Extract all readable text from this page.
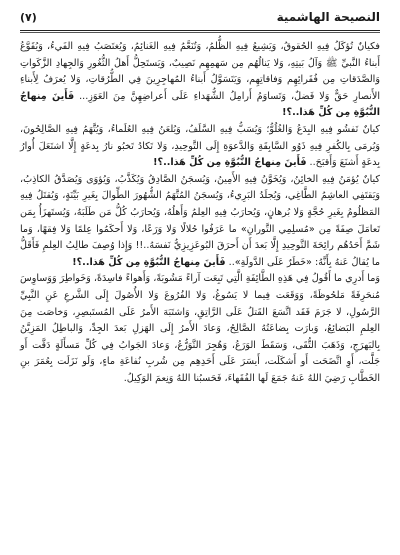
النصيحة الهاشمية
(٧)

فكيانٌ تُؤكَلُ فِيهِ الحُقوقُ، وَيَشِيعُ فِيهِ الظُّلمُ، وَتُنَعَّمُ فِيهِ الغَنائِمُ، وَيُغتَصَبُ فِيهِ الفَيءُ، وَيُقَوَّعُ أَبناءُ النَّبيِّ ﷺ وَآلُ بَيتِهِ، وَلا يَنالُهُم مِن سَهمِهِم نَصِيبٌ، وَيَستَحِلُّ أَهلُ الثُّغُورِ وَالجِهادِ الزَّكَواتِ وَالصَّدَقاتِ مِن فُقَرائِهِم وَفاقاتِهِم، وَيَتَسَوَّلُ أَبناءُ المُهاجِرِينَ فِي الطُّرُقاتِ، وَلا يُعرَفُ لِأَبناءِ الأَنصارِ حَقٌّ وَلا فَضلٌ، وَتَساوَمُ أَرامِلُ الشُّهَداءِ عَلَى أَعراضِهِنَّ مِنَ العَوَزِ... فَأَينَ مِنهاجُ النُّبُوَّةِ مِن كُلِّ هَذا..؟!

كيانٌ تَفشُو فِيهِ البِدَعُ وَالغُلُوُّ؛ وَيُسَبُّ فِيهِ السَّلَفُ، وَيُلعَنُ فِيهِ العُلَماءُ، وَيُتَّهَمُ فِيهِ الصَّالِحُونَ، وَيُرمَى بِالكُفرِ فِيهِ ذَوُو السَّابِقَةِ وَالدَّعوَةِ إِلَى التَّوحِيدِ، وَلا تَكادُ تَخبُو نارُ بِدعَةٍ إِلَّا اشتَعَلَ أُوارُ بِدعَةٍ أَشنَعَ وَأَقبَحَ.. فَأَينَ مِنهاجُ النُّبُوَّةِ مِن كُلِّ هَذا..؟!

كيانٌ يُؤمَنُ فِيهِ الخائِنُ، وَيُخَوَّنُ فِيهِ الأَمِينُ، وَيُسجَنُ الصَّادِقُ وَيُكَذَّبُ، وَيُؤوَى وَيُصَدَّقُ الكاذِبُ، وَيَقتَفِي العاشِمُ الطَّاغِي، وَيُجلَدُ البَرِيءُ، وَيُسجَنُ المُتَّهَمُ الشُّهُورَ الطِّوالَ بِغَيرِ بَيِّنَةٍ، وَيُقتَلُ فِيهِ المَظلُومُ بِغَيرِ حُجَّةٍ وَلا بُرهانٍ، وَيُحارَبُ فِيهِ العِلمُ وَأَهلُهُ، وَيُحارَبُ كُلُّ مَن طَلَبَهُ، وَيُستَهزَأُ بِمَن تَعامَلَ صِفَةً مِن «مُسلِمِي التَّورانِ» ما عَرَفُوا حُلالًا وَلا وَرَعًا، وَلا أَحكَمُوا عِلمًا وَلا فِقهًا، وَما شَمَّ أَحَدُهُم رائِحَةَ التَّوحِيدِ إِلَّا بَعدَ أَن أَحرَقَ البُوعَزِيزِيُّ نَفسَهُ..!! وَإِذا وُصِفَ طالِبُ العِلمِ فَأَقَلُّ ما يُقالُ عَنهُ بِأَنَّهُ: «خَطَرٌ عَلَى الدَّولَةِ».. فَأَينَ مِنهاجُ النُّبُوَّةِ مِن كُلِّ هَذا..؟!

وَما أَدرِي ما أَقُولُ فِي هَذِهِ الطَّائِفَةِ الَّتِي تَبِعَت آراءً مَشُوبَةً، وَأَهواءً فاسِدَةً، وَخَواطِرَ وَوَساوِسَ مُنحَرِفَةً مَلحُوظَةً، وَوَقَعَت فِيما لا يَسُوغُ، وَلا الفُرُوعَ وَلا الأُصُولَ إِلَى الشَّرعِ عَنِ النَّبِيِّ الرَّسُولِ، لا جَرَمَ فَقَد اتَّسَعَ القَتلُ عَلَى الرَّاتِقِ، وَاشتَبَهَ الأَمرُ عَلَى المُستَبصِرِ، وَخاصَت مِنَ العِلمِ البَضائِعُ، وَبارَت بِضاعَتُهُ الصَّالِحُ، وَعادَ الأَمرُ إِلَى الهَزلِ بَعدَ الجِدِّ، وَالباطِلُ المَزِيَّنُ بِالبَهرَجِ، وَذَهَبَ التُّقَى، وَسَقَطَ الوَرَعُ، وَهُجِرَ التَّوَرُّعُ، وَعادَ الجَوابُ فِي كُلِّ مَسأَلَةٍ دَقَّت أَو جَلَّت، أَوِ اتَّضَحَت أَو أَشكَلَت، أَيسَرَ عَلَى أَحَدِهِم مِن شُربِ نُفاعَةِ ماءٍ، وَلَو نَزَلَت بِعُمَرَ بنِ الخَطَّابِ رَضِيَ اللهُ عَنهُ جَمَعَ لَها الفُقَهاءَ، فَحَسبُنا اللهُ وَنِعمَ الوَكِيلُ.
